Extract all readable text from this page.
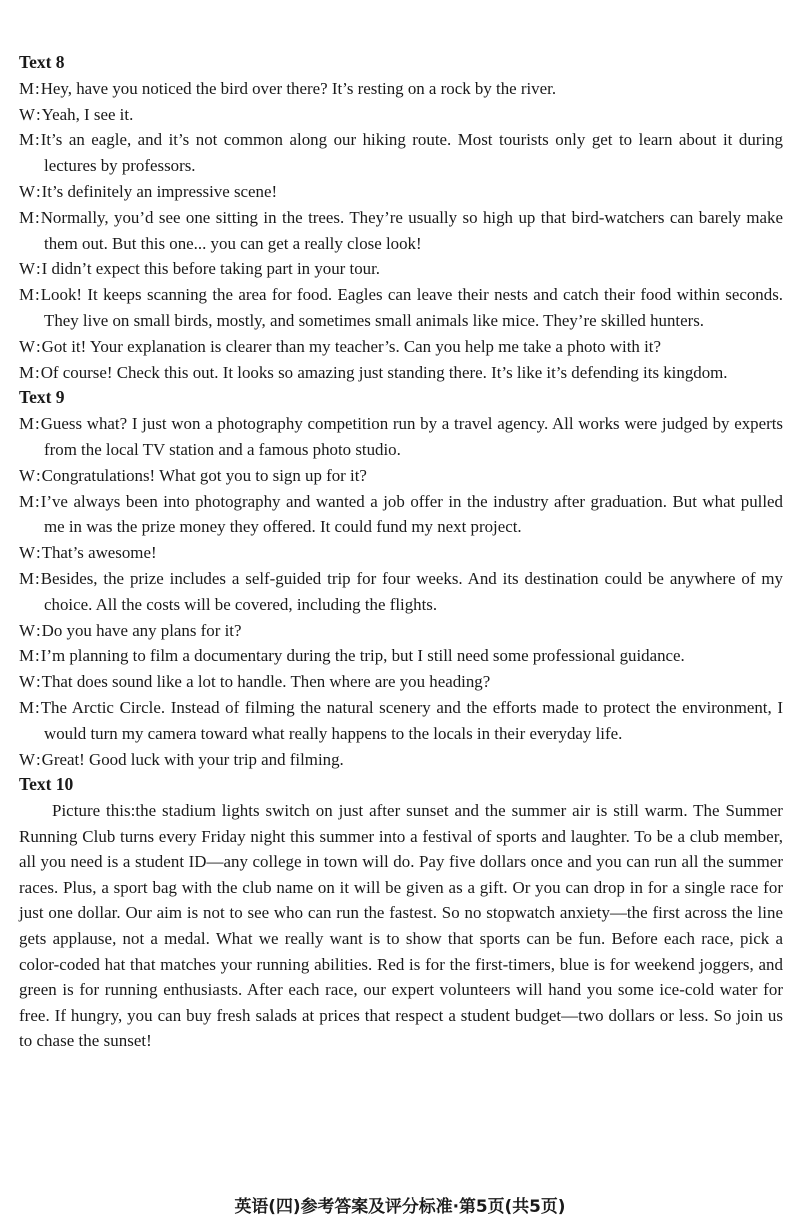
Text 8

M:Hey, have you noticed the bird over there? It’s resting on a rock by the river.

W:Yeah, I see it.

M:It’s an eagle, and it’s not common along our hiking route. Most tourists only get to learn about it during lectures by professors.

W:It’s definitely an impressive scene!

M:Normally, you’d see one sitting in the trees. They’re usually so high up that bird-watchers can barely make them out. But this one... you can get a really close look!

W:I didn’t expect this before taking part in your tour.

M:Look! It keeps scanning the area for food. Eagles can leave their nests and catch their food within seconds. They live on small birds, mostly, and sometimes small animals like mice. They’re skilled hunters.

W:Got it! Your explanation is clearer than my teacher’s. Can you help me take a photo with it?

M:Of course! Check this out. It looks so amazing just standing there. It’s like it’s defending its kingdom.

Text 9

M:Guess what? I just won a photography competition run by a travel agency. All works were judged by experts from the local TV station and a famous photo studio.

W:Congratulations! What got you to sign up for it?

M:I’ve always been into photography and wanted a job offer in the industry after graduation. But what pulled me in was the prize money they offered. It could fund my next project.

W:That’s awesome!

M:Besides, the prize includes a self-guided trip for four weeks. And its destination could be anywhere of my choice. All the costs will be covered, including the flights.

W:Do you have any plans for it?

M:I’m planning to film a documentary during the trip, but I still need some professional guidance.

W:That does sound like a lot to handle. Then where are you heading?

M:The Arctic Circle. Instead of filming the natural scenery and the efforts made to protect the environment, I would turn my camera toward what really happens to the locals in their everyday life.

W:Great! Good luck with your trip and filming.

Text 10

Picture this:the stadium lights switch on just after sunset and the summer air is still warm. The Summer Running Club turns every Friday night this summer into a festival of sports and laughter. To be a club member, all you need is a student ID—any college in town will do. Pay five dollars once and you can run all the summer races. Plus, a sport bag with the club name on it will be given as a gift. Or you can drop in for a single race for just one dollar. Our aim is not to see who can run the fastest. So no stopwatch anxiety—the first across the line gets applause, not a medal. What we really want is to show that sports can be fun. Before each race, pick a color-coded hat that matches your running abilities. Red is for the first-timers, blue is for weekend joggers, and green is for running enthusiasts. After each race, our expert volunteers will hand you some ice-cold water for free. If hungry, you can buy fresh salads at prices that respect a student budget—two dollars or less. So join us to chase the sunset!

英语(四)参考答案及评分标准·第5页(共5页)
